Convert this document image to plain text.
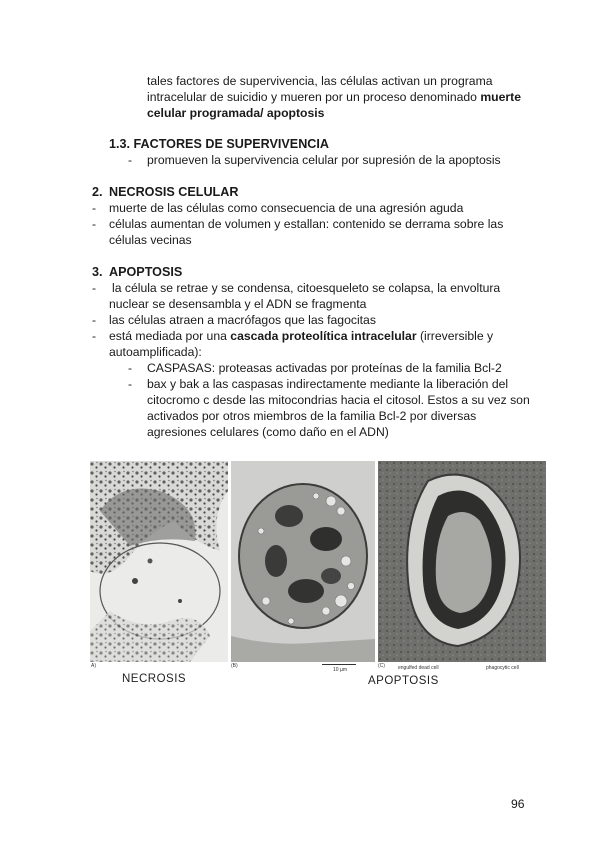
tales factores de supervivencia, las células activan un programa
intracelular de suicidio y mueren por un proceso denominado muerte
celular programada/ apoptosis
1.3. FACTORES DE SUPERVIVENCIA
- promueven la supervivencia celular por supresión de la apoptosis
2. NECROSIS CELULAR
- muerte de las células como consecuencia de una agresión aguda
- células aumentan de volumen y estallan: contenido se derrama sobre las
células vecinas
3. APOPTOSIS
- la célula se retrae y se condensa, citoesqueleto se colapsa, la envoltura
nuclear se desensambla y el ADN se fragmenta
- las células atraen a macrófagos que las fagocitas
- está mediada por una cascada proteolítica intracelular (irreversible y
autoamplificada):
- CASPASAS: proteasas activadas por proteínas de la familia Bcl-2
- bax y bak a las caspasas indirectamente mediante la liberación del
citocromo c desde las mitocondrias hacia el citosol. Estos a su vez son
activados por otros miembros de la familia Bcl-2 por diversas
agresiones celulares (como daño en el ADN)
A)	(B)	(C)
10 µm	engulfed dead cell	phagocytic cell
NECROSIS	APOPTOSIS
96
